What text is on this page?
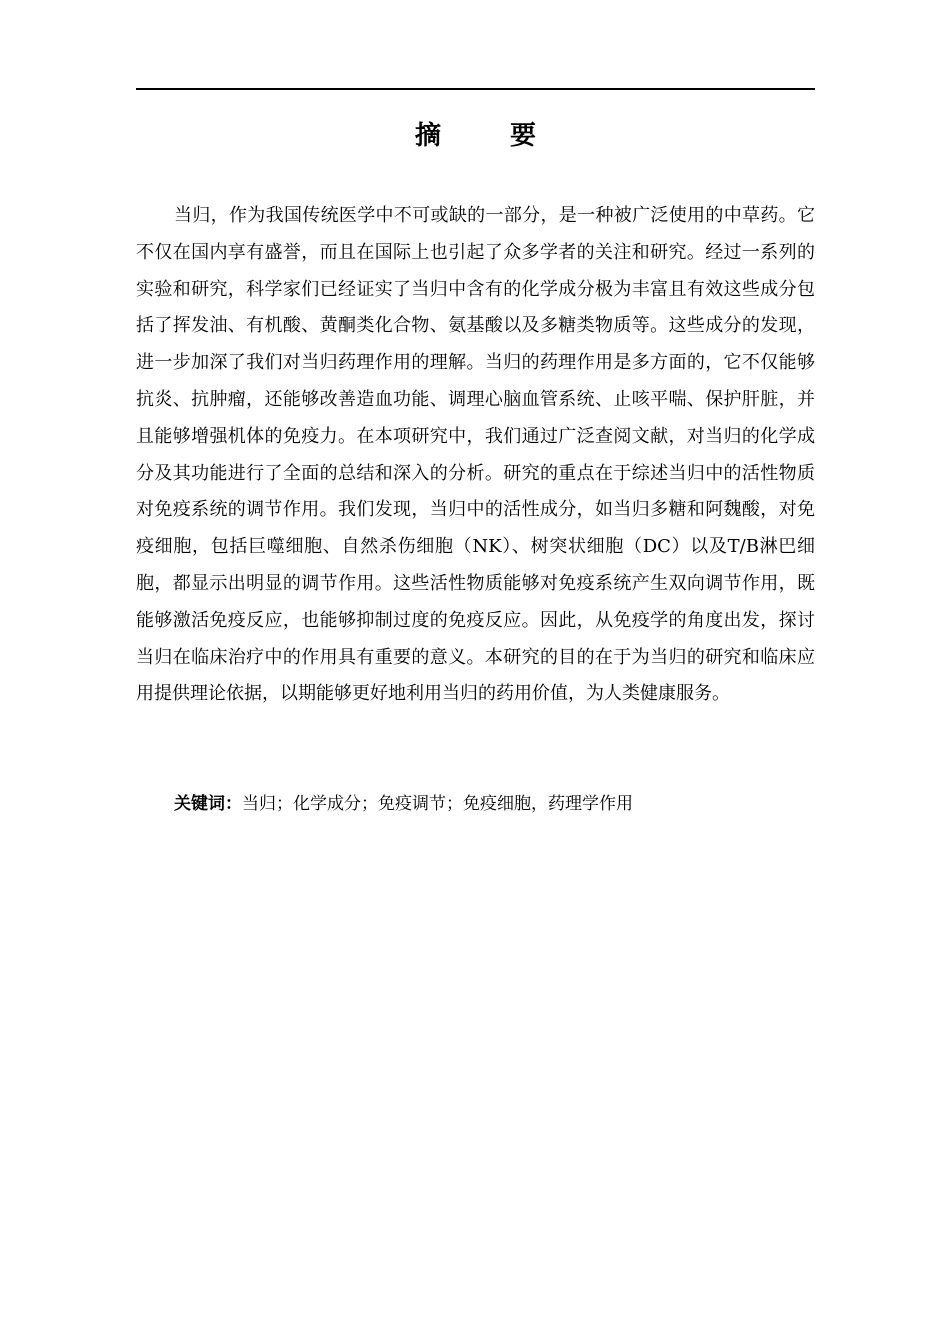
摘 要

当归，作为我国传统医学中不可或缺的一部分，是一种被广泛使用的中草药。它不仅在国内享有盛誉，而且在国际上也引起了众多学者的关注和研究。经过一系列的实验和研究，科学家们已经证实了当归中含有的化学成分极为丰富且有效这些成分包括了挥发油、有机酸、黄酮类化合物、氨基酸以及多糖类物质等。这些成分的发现，进一步加深了我们对当归药理作用的理解。当归的药理作用是多方面的，它不仅能够抗炎、抗肿瘤，还能够改善造血功能、调理心脑血管系统、止咳平喘、保护肝脏，并且能够增强机体的免疫力。在本项研究中，我们通过广泛查阅文献，对当归的化学成分及其功能进行了全面的总结和深入的分析。研究的重点在于综述当归中的活性物质对免疫系统的调节作用。我们发现，当归中的活性成分，如当归多糖和阿魏酸，对免疫细胞，包括巨噬细胞、自然杀伤细胞（NK）、树突状细胞（DC）以及T/B淋巴细胞，都显示出明显的调节作用。这些活性物质能够对免疫系统产生双向调节作用，既能够激活免疫反应，也能够抑制过度的免疫反应。因此，从免疫学的角度出发，探讨当归在临床治疗中的作用具有重要的意义。本研究的目的在于为当归的研究和临床应用提供理论依据，以期能够更好地利用当归的药用价值，为人类健康服务。

关键词：当归；化学成分；免疫调节；免疫细胞，药理学作用
